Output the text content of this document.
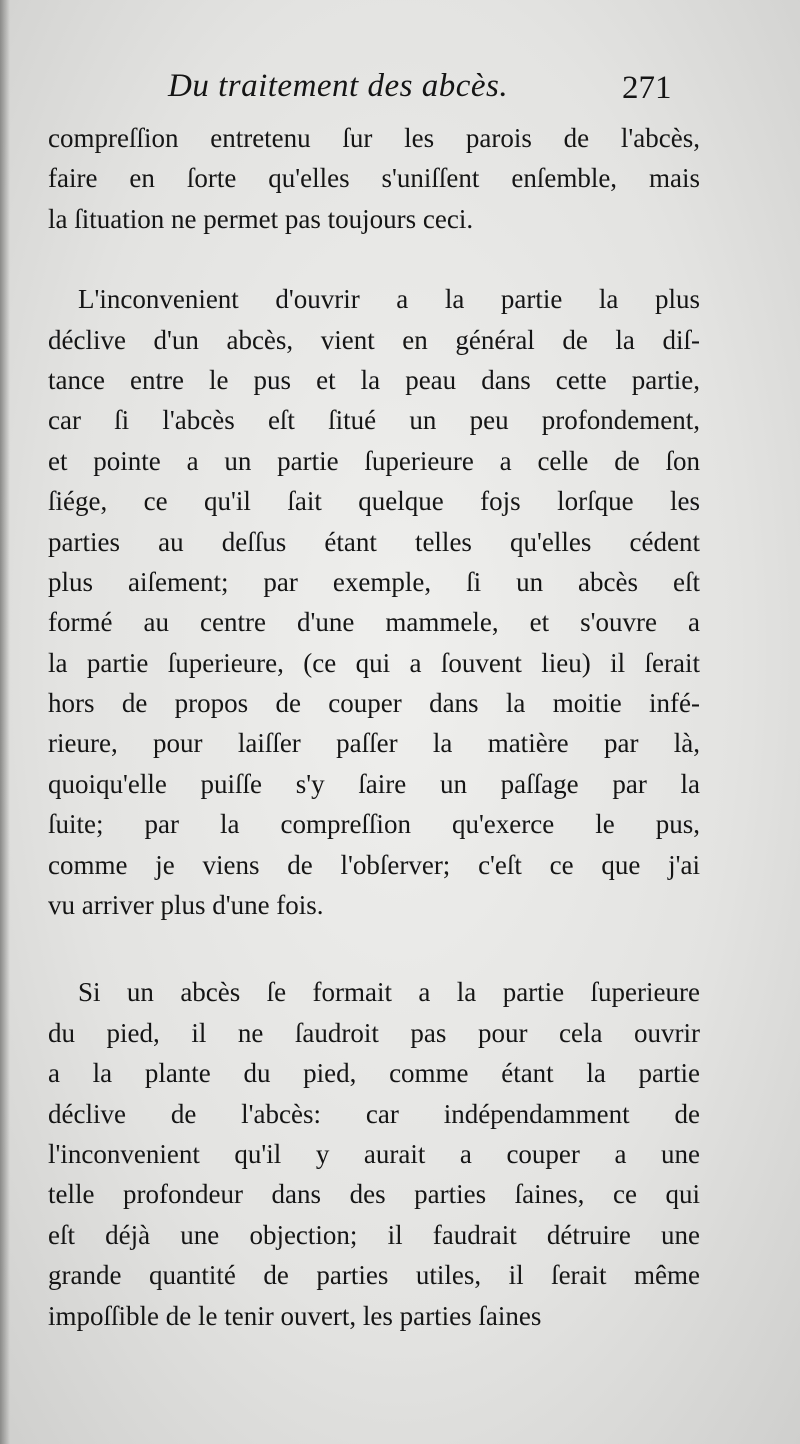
Du traitement des abcès.	271
compreſſion entretenu ſur les parois de l'abcès,
faire en ſorte qu'elles s'uniſſent enſemble, mais
la ſituation ne permet pas toujours ceci.
L'inconvenient d'ouvrir a la partie la plus
déclive d'un abcès, vient en général de la diſ-
tance entre le pus et la peau dans cette partie,
car ſi l'abcès eſt ſitué un peu profondement,
et pointe a un partie ſuperieure a celle de ſon
ſiége, ce qu'il ſait quelque fojs lorſque les
parties au deſſus étant telles qu'elles cédent
plus aiſement; par exemple, ſi un abcès eſt
formé au centre d'une mammele, et s'ouvre a
la partie ſuperieure, (ce qui a ſouvent lieu) il ſerait
hors de propos de couper dans la moitie infé-
rieure, pour laiſſer paſſer la matière par là,
quoiqu'elle puiſſe s'y ſaire un paſſage par la
ſuite; par la compreſſion qu'exerce le pus,
comme je viens de l'obſerver; c'eſt ce que j'ai
vu arriver plus d'une fois.
Si un abcès ſe formait a la partie ſuperieure
du pied, il ne ſaudroit pas pour cela ouvrir
a la plante du pied, comme étant la partie
déclive de l'abcès: car indépendamment de
l'inconvenient qu'il y aurait a couper a une
telle profondeur dans des parties ſaines, ce qui
eſt déjà une objection; il faudrait détruire une
grande quantité de parties utiles, il ſerait même
impoſſible de le tenir ouvert, les parties ſaines
